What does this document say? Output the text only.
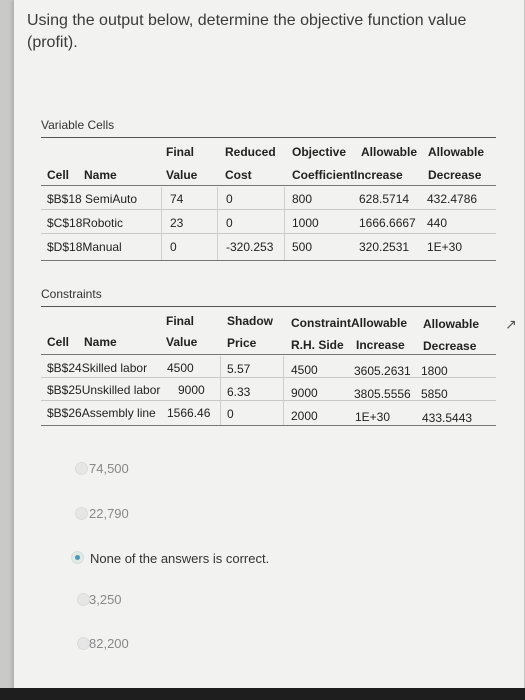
Using the output below, determine the objective function value (profit).
Variable Cells
Final	Reduced Objective Allowable Allowable
Cell Name	Value Cost	CoefficientIncrease Decrease
$B$18 SemiAuto	74	0	800	628.5714 432.4786
$C$18Robotic	23	0	1000	1666.6667 440
$D$18Manual	0	-320.253 500	320.2531 1E+30
Constraints
Final	Shadow ConstraintAllowable Allowable
Cell Name	Value Price	R.H. Side Increase Decrease
$B$24Skilled labor 4500	5.57	4500	3605.2631 1800
$B$25Unskilled labor 9000 6.33	9000	3805.5556 5850
$B$26Assembly line 1566.46 0	2000	1E+30	433.5443
74,500
22,790
None of the answers is correct.
3,250
82,200
↗
